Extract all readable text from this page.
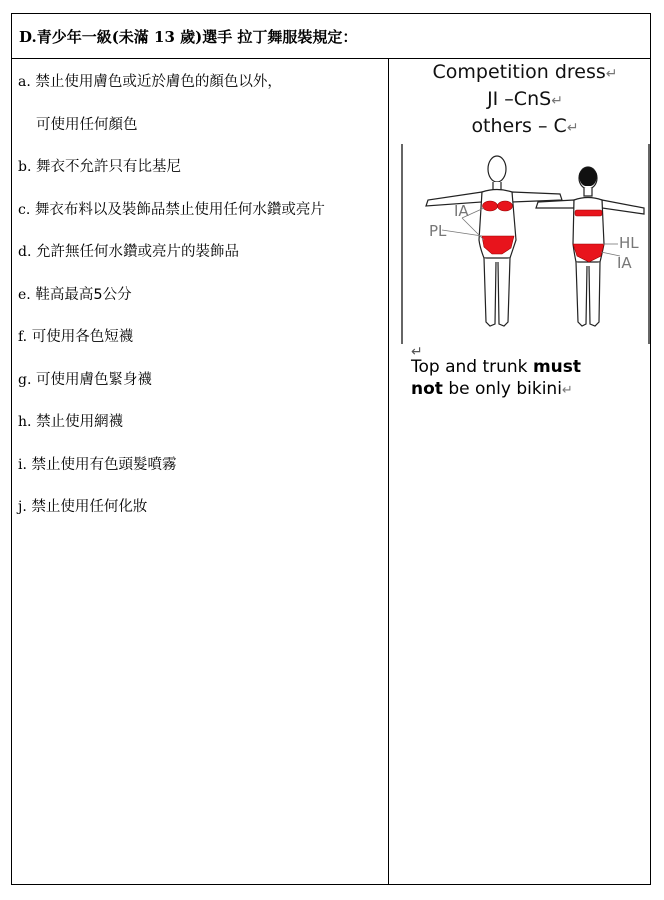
D.青少年一級(未滿 13 歲)選手 拉丁舞服裝規定：
a. 禁止使用膚色或近於膚色的顏色以外，
可使用任何顏色
b. 舞衣不允許只有比基尼
c. 舞衣布料以及裝飾品禁止使用任何水鑽或亮片
d. 允許無任何水鑽或亮片的裝飾品
e. 鞋高最高5公分
f. 可使用各色短襪
g. 可使用膚色緊身襪
h. 禁止使用網襪
i. 禁止使用有色頭髮噴霧
j. 禁止使用任何化妝
Competition dress↵
JI –CnS↵
others – C↵
IA
PL
HL
IA
↵
Top and trunk must
not be only bikini↵
